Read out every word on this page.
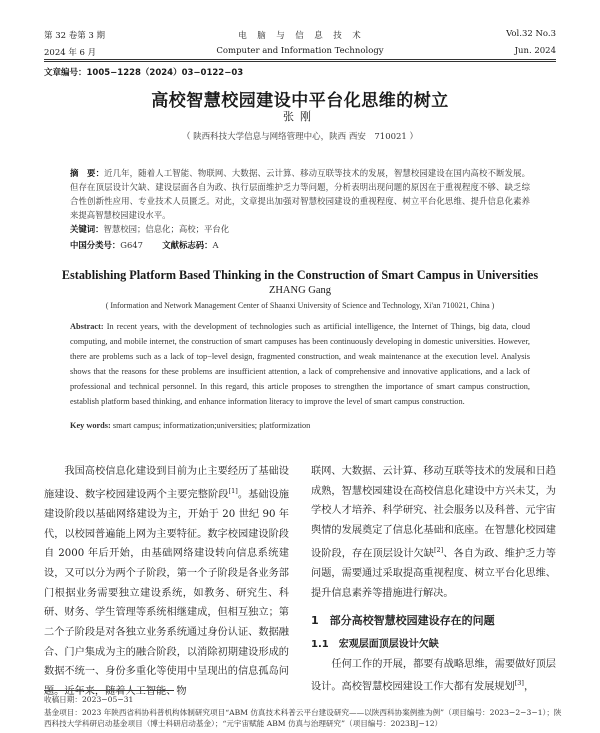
第 32 卷第 3 期	电　脑　与　信　息　技　术	Vol.32 No.3
2024 年 6 月	Computer and Information Technology	Jun. 2024
文章编号：1005−1228（2024）03−0122−03
高校智慧校园建设中平台化思维的树立
张刚
（ 陕西科技大学信息与网络管理中心，陕西 西安　710021 ）
摘　要：近几年，随着人工智能、物联网、大数据、云计算、移动互联等技术的发展，智慧校园建设在国内高校不断发展。但存在顶层设计欠缺、建设层面各自为政、执行层面维护乏力等问题，分析表明出现问题的原因在于重视程度不够、缺乏综合性创新性应用、专业技术人员匮乏。对此，文章提出加强对智慧校园建设的重视程度、树立平台化思维、提升信息化素养来提高智慧校园建设水平。
关键词：智慧校园；信息化；高校；平台化
中国分类号：G647 文献标志码：A
Establishing Platform Based Thinking in the Construction of Smart Campus in Universities
ZHANG Gang
( Information and Network Management Center of Shaanxi University of Science and Technology, Xi'an 710021, China )
Abstract: In recent years, with the development of technologies such as artificial intelligence, the Internet of Things, big data, cloud computing, and mobile internet, the construction of smart campuses has been continuously developing in domestic universities. However, there are problems such as a lack of top−level design, fragmented construction, and weak maintenance at the execution level. Analysis shows that the reasons for these problems are insufficient attention, a lack of comprehensive and innovative applications, and a lack of professional and technical personnel. In this regard, this article proposes to strengthen the importance of smart campus construction, establish platform based thinking, and enhance information literacy to improve the level of smart campus construction.
Key words: smart campus; informatization;universities; platformization

我国高校信息化建设到目前为止主要经历了基础设施建设、数字校园建设两个主要完整阶段[1]。基础设施建设阶段以基础网络建设为主，开始于 20 世纪 90 年代，以校园普遍能上网为主要特征。数字校园建设阶段自 2000 年后开始，由基础网络建设转向信息系统建设，又可以分为两个子阶段，第一个子阶段是各业务部门根据业务需要独立建设系统，如教务、研究生、科研、财务、学生管理等系统相继建成，但相互独立；第二个子阶段是对各独立业务系统通过身份认证、数据融合、门户集成为主的融合阶段，以消除初期建设形成的数据不统一、身份多重化等使用中呈现出的信息孤岛问题。近年来，随着人工智能、物

联网、大数据、云计算、移动互联等技术的发展和日趋成熟，智慧校园建设在高校信息化建设中方兴未艾，为学校人才培养、科学研究、社会服务以及科普、元宇宙舆情的发展奠定了信息化基础和底座。在智慧化校园建设阶段，存在顶层设计欠缺[2]、各自为政、维护乏力等问题，需要通过采取提高重视程度、树立平台化思维、提升信息素养等措施进行解决。

1　部分高校智慧校园建设存在的问题
1.1　宏观层面顶层设计欠缺

任何工作的开展，都要有战略思维，需要做好顶层设计。高校智慧校园建设工作大都有发展规划[3]，

收稿日期：2023−05−31
基金项目：2023 年陕西省科协科普机构体制研究项目“ABM 仿真技术科普云平台建设研究——以陕西科协案例推为例”（项目编号：2023−2−3−1）；陕西科技大学科研启动基金项目（博士科研启动基金）；“元宇宙赋能 ABM 仿真与治理研究”（项目编号：2023BJ−12）
